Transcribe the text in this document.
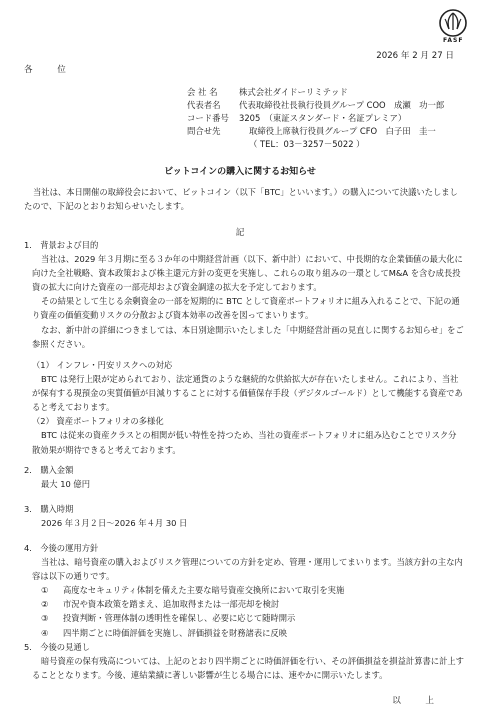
FASF
2026 年 2 月 27 日
各　位
会 社 名	株式会社ダイドーリミテッド
代表者名	代表取締役社長執行役員グループ COO　成瀬　功一郎
コード番号	3205　（東証スタンダード・名証プレミア）
問合せ先	取締役上席執行役員グループ CFO　白子田　圭一
（ TEL：03－3257－5022 ）
ビットコインの購入に関するお知らせ
当社は、本日開催の取締役会において、ビットコイン（以下「BTC」といいます。）の購入について決議いたしましたので、下記のとおりお知らせいたします。
記
1.　背景および目的
当社は、2029 年３月期に至る３か年の中期経営計画（以下、新中計）において、中長期的な企業価値の最大化に向けた全社戦略、資本政策および株主還元方針の変更を実施し、これらの取り組みの一環としてM&A を含む成長投資の拡大に向けた資産の一部売却および資金調達の拡大を予定しております。
その結果として生じる余剰資金の一部を短期的に BTC として資産ポートフォリオに組み入れることで、下記の通り資産の価値変動リスクの分散および資本効率の改善を図ってまいります。
なお、新中計の詳細につきましては、本日別途開示いたしました「中期経営計画の見直しに関するお知らせ」をご参照ください。
（1） インフレ・円安リスクへの対応
BTC は発行上限が定められており、法定通貨のような継続的な供給拡大が存在いたしません。これにより、当社が保有する現預金の実質価値が目減りすることに対する価値保存手段（デジタルゴールド）として機能する資産であると考えております。
（2） 資産ポートフォリオの多様化
BTC は従来の資産クラスとの相関が低い特性を持つため、当社の資産ポートフォリオに組み込むことでリスク分散効果が期待できると考えております。
2.　購入金額
最大 10 億円
3.　購入時期
2026 年３月２日～2026 年４月 30 日
4.　今後の運用方針
当社は、暗号資産の購入およびリスク管理についての方針を定め、管理・運用してまいります。当該方針の主な内容は以下の通りです。
① 高度なセキュリティ体制を備えた主要な暗号資産交換所において取引を実施
② 市況や資本政策を踏まえ、追加取得または一部売却を検討
③ 投資判断・管理体制の透明性を確保し、必要に応じて随時開示
④ 四半期ごとに時価評価を実施し、評価損益を財務諸表に反映
5.　今後の見通し
暗号資産の保有残高については、上記のとおり四半期ごとに時価評価を行い、その評価損益を損益計算書に計上することとなります。今後、連結業績に著しい影響が生じる場合には、速やかに開示いたします。
以　上
